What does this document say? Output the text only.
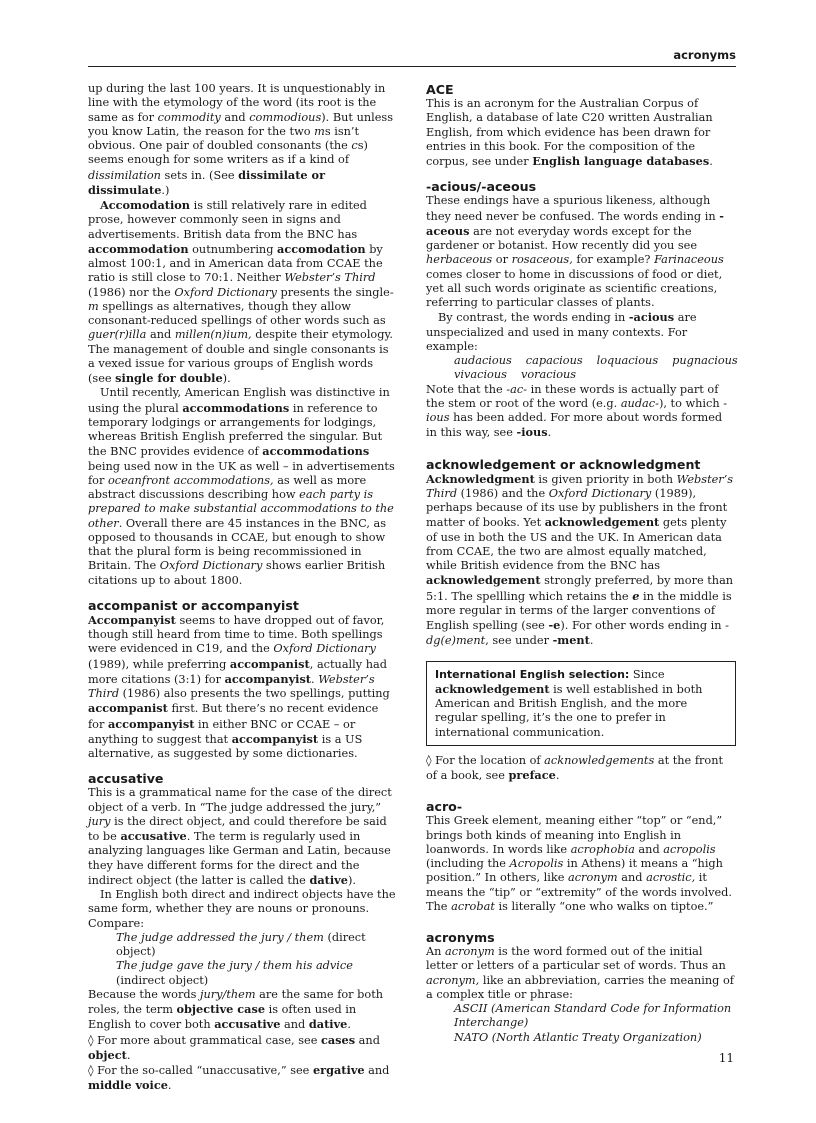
acronyms

up during the last 100 years. It is unquestionably in line with the etymology of the word (its root is the same as for commodity and commodious). But unless you know Latin, the reason for the two ms isn’t obvious. One pair of doubled consonants (the cs) seems enough for some writers as if a kind of dissimilation sets in. (See dissimilate or dissimulate.)

Accomodation is still relatively rare in edited prose, however commonly seen in signs and advertisements. British data from the BNC has accommodation outnumbering accomodation by almost 100:1, and in American data from CCAE the ratio is still close to 70:1. Neither Webster’s Third (1986) nor the Oxford Dictionary presents the single-m spellings as alternatives, though they allow consonant-reduced spellings of other words such as guer(r)illa and millen(n)ium, despite their etymology. The management of double and single consonants is a vexed issue for various groups of English words (see single for double).

Until recently, American English was distinctive in using the plural accommodations in reference to temporary lodgings or arrangements for lodgings, whereas British English preferred the singular. But the BNC provides evidence of accommodations being used now in the UK as well – in advertisements for oceanfront accommodations, as well as more abstract discussions describing how each party is prepared to make substantial accommodations to the other. Overall there are 45 instances in the BNC, as opposed to thousands in CCAE, but enough to show that the plural form is being recommissioned in Britain. The Oxford Dictionary shows earlier British citations up to about 1800.

accompanist or accompanyist

Accompanyist seems to have dropped out of favor, though still heard from time to time. Both spellings were evidenced in C19, and the Oxford Dictionary (1989), while preferring accompanist, actually had more citations (3:1) for accompanyist. Webster’s Third (1986) also presents the two spellings, putting accompanist first. But there’s no recent evidence for accompanyist in either BNC or CCAE – or anything to suggest that accompanyist is a US alternative, as suggested by some dictionaries.

accusative

This is a grammatical name for the case of the direct object of a verb. In “The judge addressed the jury,” jury is the direct object, and could therefore be said to be accusative. The term is regularly used in analyzing languages like German and Latin, because they have different forms for the direct and the indirect object (the latter is called the dative).

In English both direct and indirect objects have the same form, whether they are nouns or pronouns. Compare:

The judge addressed the jury / them (direct object)
The judge gave the jury / them his advice (indirect object)

Because the words jury/them are the same for both roles, the term objective case is often used in English to cover both accusative and dative.

◊ For more about grammatical case, see cases and object.

◊ For the so-called “unaccusative,” see ergative and middle voice.

ACE

This is an acronym for the Australian Corpus of English, a database of late C20 written Australian English, from which evidence has been drawn for entries in this book. For the composition of the corpus, see under English language databases.

-acious/-aceous

These endings have a spurious likeness, although they need never be confused. The words ending in -aceous are not everyday words except for the gardener or botanist. How recently did you see herbaceous or rosaceous, for example? Farinaceous comes closer to home in discussions of food or diet, yet all such words originate as scientific creations, referring to particular classes of plants.

By contrast, the words ending in -acious are unspecialized and used in many contexts. For example:

audacious capacious loquacious pugnacious
vivacious voracious

Note that the -ac- in these words is actually part of the stem or root of the word (e.g. audac-), to which -ious has been added. For more about words formed in this way, see -ious.

acknowledgement or acknowledgment

Acknowledgment is given priority in both Webster’s Third (1986) and the Oxford Dictionary (1989), perhaps because of its use by publishers in the front matter of books. Yet acknowledgement gets plenty of use in both the US and the UK. In American data from CCAE, the two are almost equally matched, while British evidence from the BNC has acknowledgement strongly preferred, by more than 5:1. The spellling which retains the e in the middle is more regular in terms of the larger conventions of English spelling (see -e). For other words ending in -dg(e)ment, see under -ment.

International English selection: Since acknowledgement is well established in both American and British English, and the more regular spelling, it’s the one to prefer in international communication.

◊ For the location of acknowledgements at the front of a book, see preface.

acro-

This Greek element, meaning either “top” or “end,” brings both kinds of meaning into English in loanwords. In words like acrophobia and acropolis (including the Acropolis in Athens) it means a “high position.” In others, like acronym and acrostic, it means the “tip” or “extremity” of the words involved. The acrobat is literally “one who walks on tiptoe.”

acronyms

An acronym is the word formed out of the initial letter or letters of a particular set of words. Thus an acronym, like an abbreviation, carries the meaning of a complex title or phrase:

ASCII (American Standard Code for Information Interchange)
NATO (North Atlantic Treaty Organization)
11
